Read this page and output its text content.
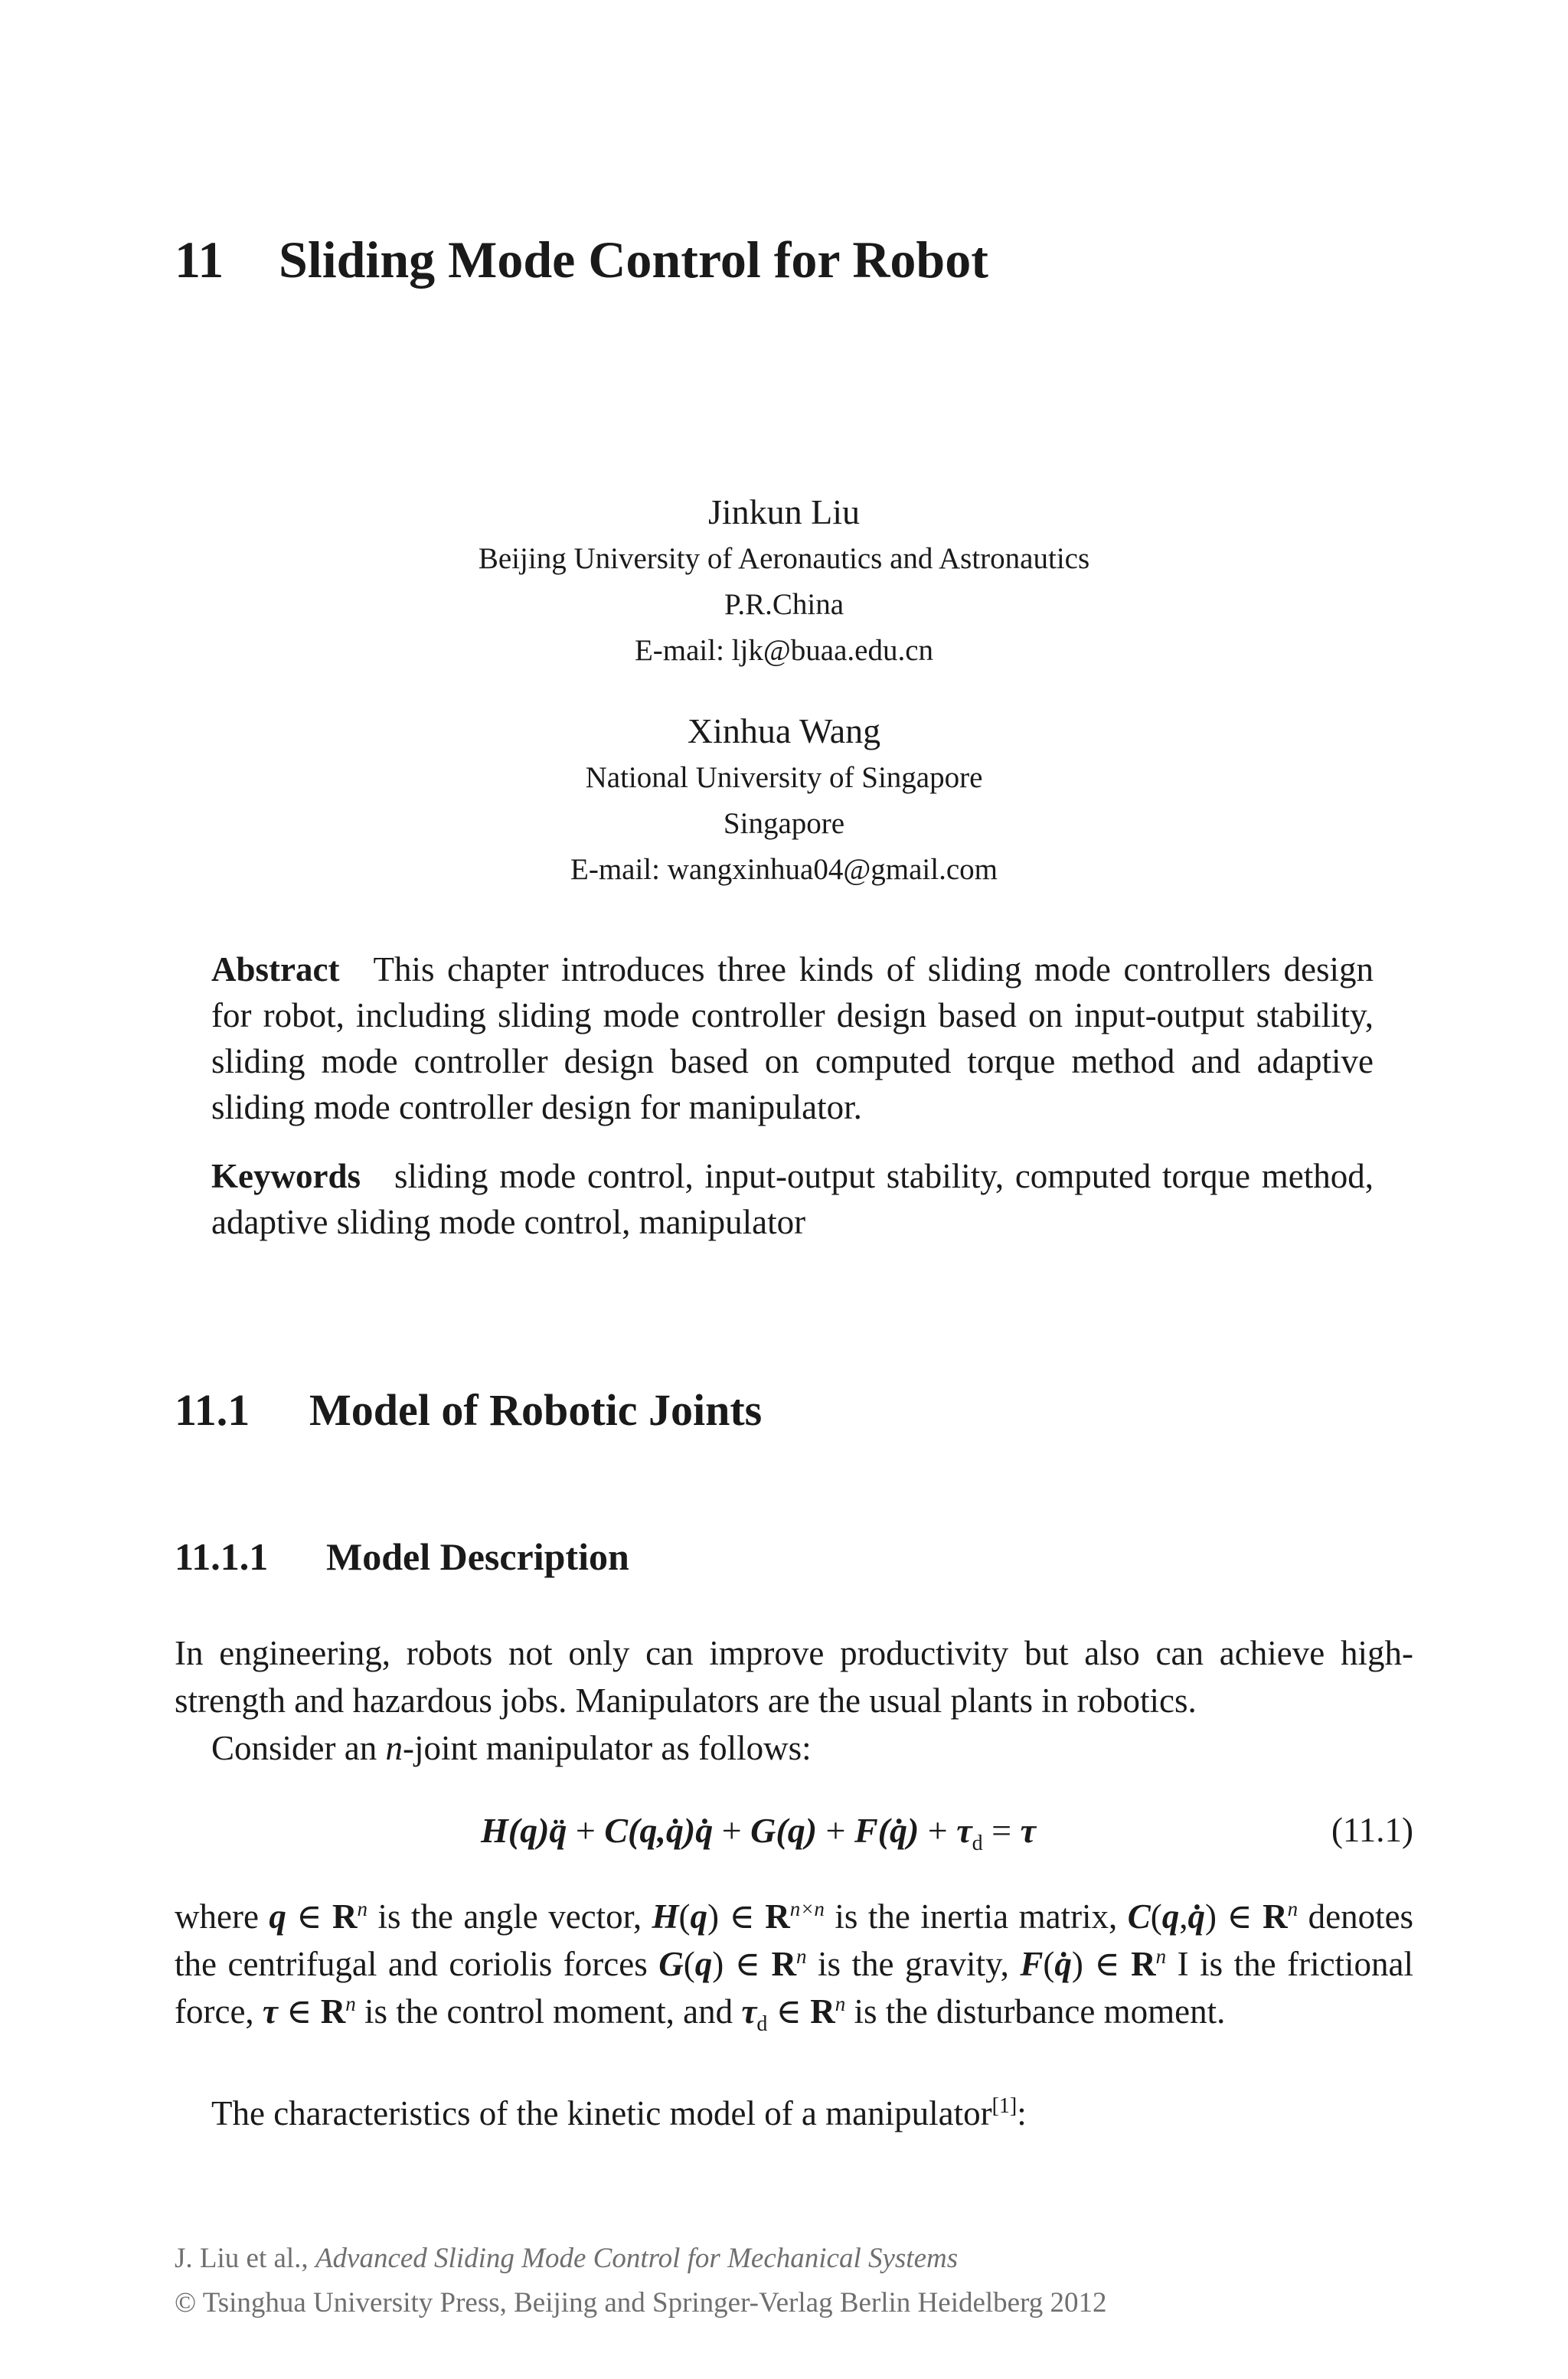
11 Sliding Mode Control for Robot
Jinkun Liu
Beijing University of Aeronautics and Astronautics
P.R.China
E-mail: ljk@buaa.edu.cn
Xinhua Wang
National University of Singapore
Singapore
E-mail: wangxinhua04@gmail.com
Abstract This chapter introduces three kinds of sliding mode controllers design for robot, including sliding mode controller design based on input-output stability, sliding mode controller design based on computed torque method and adaptive sliding mode controller design for manipulator.
Keywords sliding mode control, input-output stability, computed torque method, adaptive sliding mode control, manipulator
11.1 Model of Robotic Joints
11.1.1 Model Description
In engineering, robots not only can improve productivity but also can achieve high-strength and hazardous jobs. Manipulators are the usual plants in robotics.
Consider an n-joint manipulator as follows:
H(q)q̈ + C(q,q̇)q̇ + G(q) + F(q̇) + $\tau_d = \tau$	(11.1)
where q ∈ $R^n$ is the angle vector, H(q) ∈ $R^{n\times n}$ is the inertia matrix, C(q,q̇) ∈ $R^n$ denotes the centrifugal and coriolis forces G(q) ∈ $R^n$ is the gravity, F(q̇) ∈ $R^n$ I is the frictional force, τ ∈ $R^n$ is the control moment, and $\tau_d$ ∈ $R^n$ is the disturbance moment.
The characteristics of the kinetic model of a manipulator[1]:
J. Liu et al., Advanced Sliding Mode Control for Mechanical Systems
© Tsinghua University Press, Beijing and Springer-Verlag Berlin Heidelberg 2012
